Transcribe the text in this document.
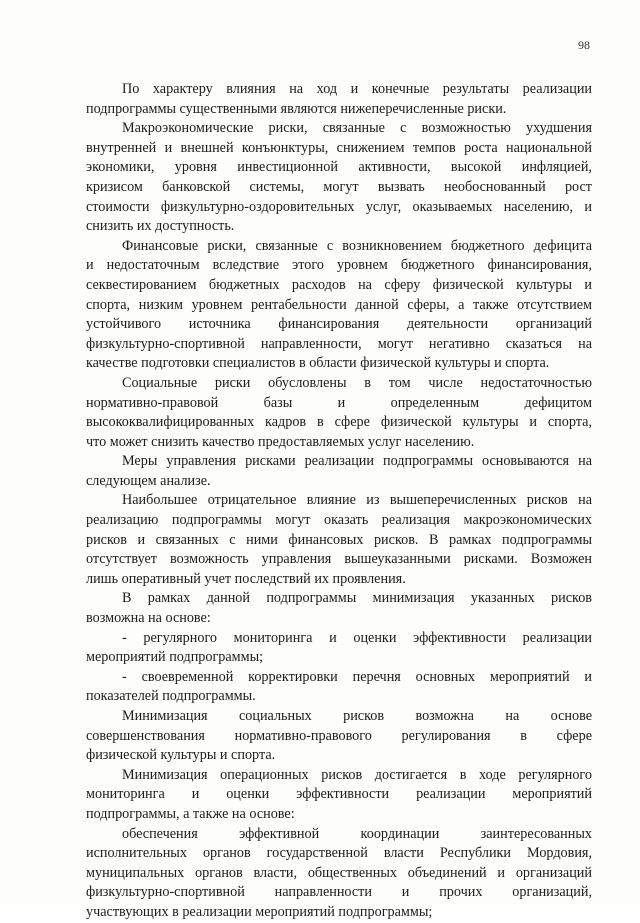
98
По характеру влияния на ход и конечные результаты реализации
подпрограммы существенными являются нижеперечисленные риски.
Макроэкономические риски, связанные с возможностью ухудшения
внутренней и внешней конъюнктуры, снижением темпов роста национальной
экономики, уровня инвестиционной активности, высокой инфляцией,
кризисом банковской системы, могут вызвать необоснованный рост
стоимости физкультурно-оздоровительных услуг, оказываемых населению, и
снизить их доступность.
Финансовые риски, связанные с возникновением бюджетного дефицита
и недостаточным вследствие этого уровнем бюджетного финансирования,
секвестированием бюджетных расходов на сферу физической культуры и
спорта, низким уровнем рентабельности данной сферы, а также отсутствием
устойчивого источника финансирования деятельности организаций
физкультурно-спортивной направленности, могут негативно сказаться на
качестве подготовки специалистов в области физической культуры и спорта.
Социальные риски обусловлены в том числе недостаточностью
нормативно-правовой базы и определенным дефицитом
высококвалифицированных кадров в сфере физической культуры и спорта,
что может снизить качество предоставляемых услуг населению.
Меры управления рисками реализации подпрограммы основываются на
следующем анализе.
Наибольшее отрицательное влияние из вышеперечисленных рисков на
реализацию подпрограммы могут оказать реализация макроэкономических
рисков и связанных с ними финансовых рисков. В рамках подпрограммы
отсутствует возможность управления вышеуказанными рисками. Возможен
лишь оперативный учет последствий их проявления.
В рамках данной подпрограммы минимизация указанных рисков
возможна на основе:
- регулярного мониторинга и оценки эффективности реализации
мероприятий подпрограммы;
- своевременной корректировки перечня основных мероприятий и
показателей подпрограммы.
Минимизация социальных рисков возможна на основе
совершенствования нормативно-правового регулирования в сфере
физической культуры и спорта.
Минимизация операционных рисков достигается в ходе регулярного
мониторинга и оценки эффективности реализации мероприятий
подпрограммы, а также на основе:
обеспечения эффективной координации заинтересованных
исполнительных органов государственной власти Республики Мордовия,
муниципальных органов власти, общественных объединений и организаций
физкультурно-спортивной направленности и прочих организаций,
участвующих в реализации мероприятий подпрограммы;
